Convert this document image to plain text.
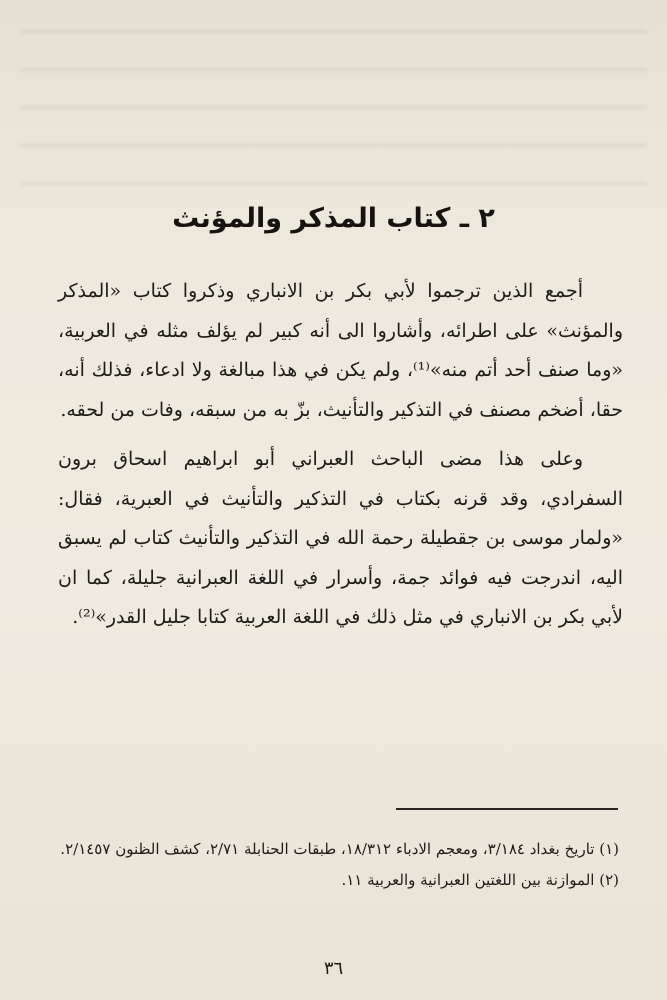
٢ ـ كتاب المذكر والمؤنث

أجمع الذين ترجموا لأبي بكر بن الانباري وذكروا كتاب «المذكر والمؤنث» على اطرائه، وأشاروا الى أنه كبير لم يؤلف مثله في العربية، «وما صنف أحد أتم منه»⁽¹⁾، ولم يكن في هذا مبالغة ولا ادعاء، فذلك أنه، حقا، أضخم مصنف في التذكير والتأنيث، بزّ به من سبقه، وفات من لحقه.

وعلى هذا مضى الباحث العبراني أبو ابراهيم اسحاق برون السفرادي، وقد قرنه بكتاب في التذكير والتأنيث في العبرية، فقال: «ولمار موسى بن جقطيلة رحمة الله في التذكير والتأنيث كتاب لم يسبق اليه، اندرجت فيه فوائد جمة، وأسرار في اللغة العبرانية جليلة، كما ان لأبي بكر بن الانباري في مثل ذلك في اللغة العربية كتابا جليل القدر»⁽²⁾.

(١) تاريخ بغداد ٣/١٨٤، ومعجم الادباء ١٨/٣١٢، طبقات الحنابلة ٢/٧١، كشف الظنون ٢/١٤٥٧.

(٢) الموازنة بين اللغتين العبرانية والعربية ١١.

٣٦
